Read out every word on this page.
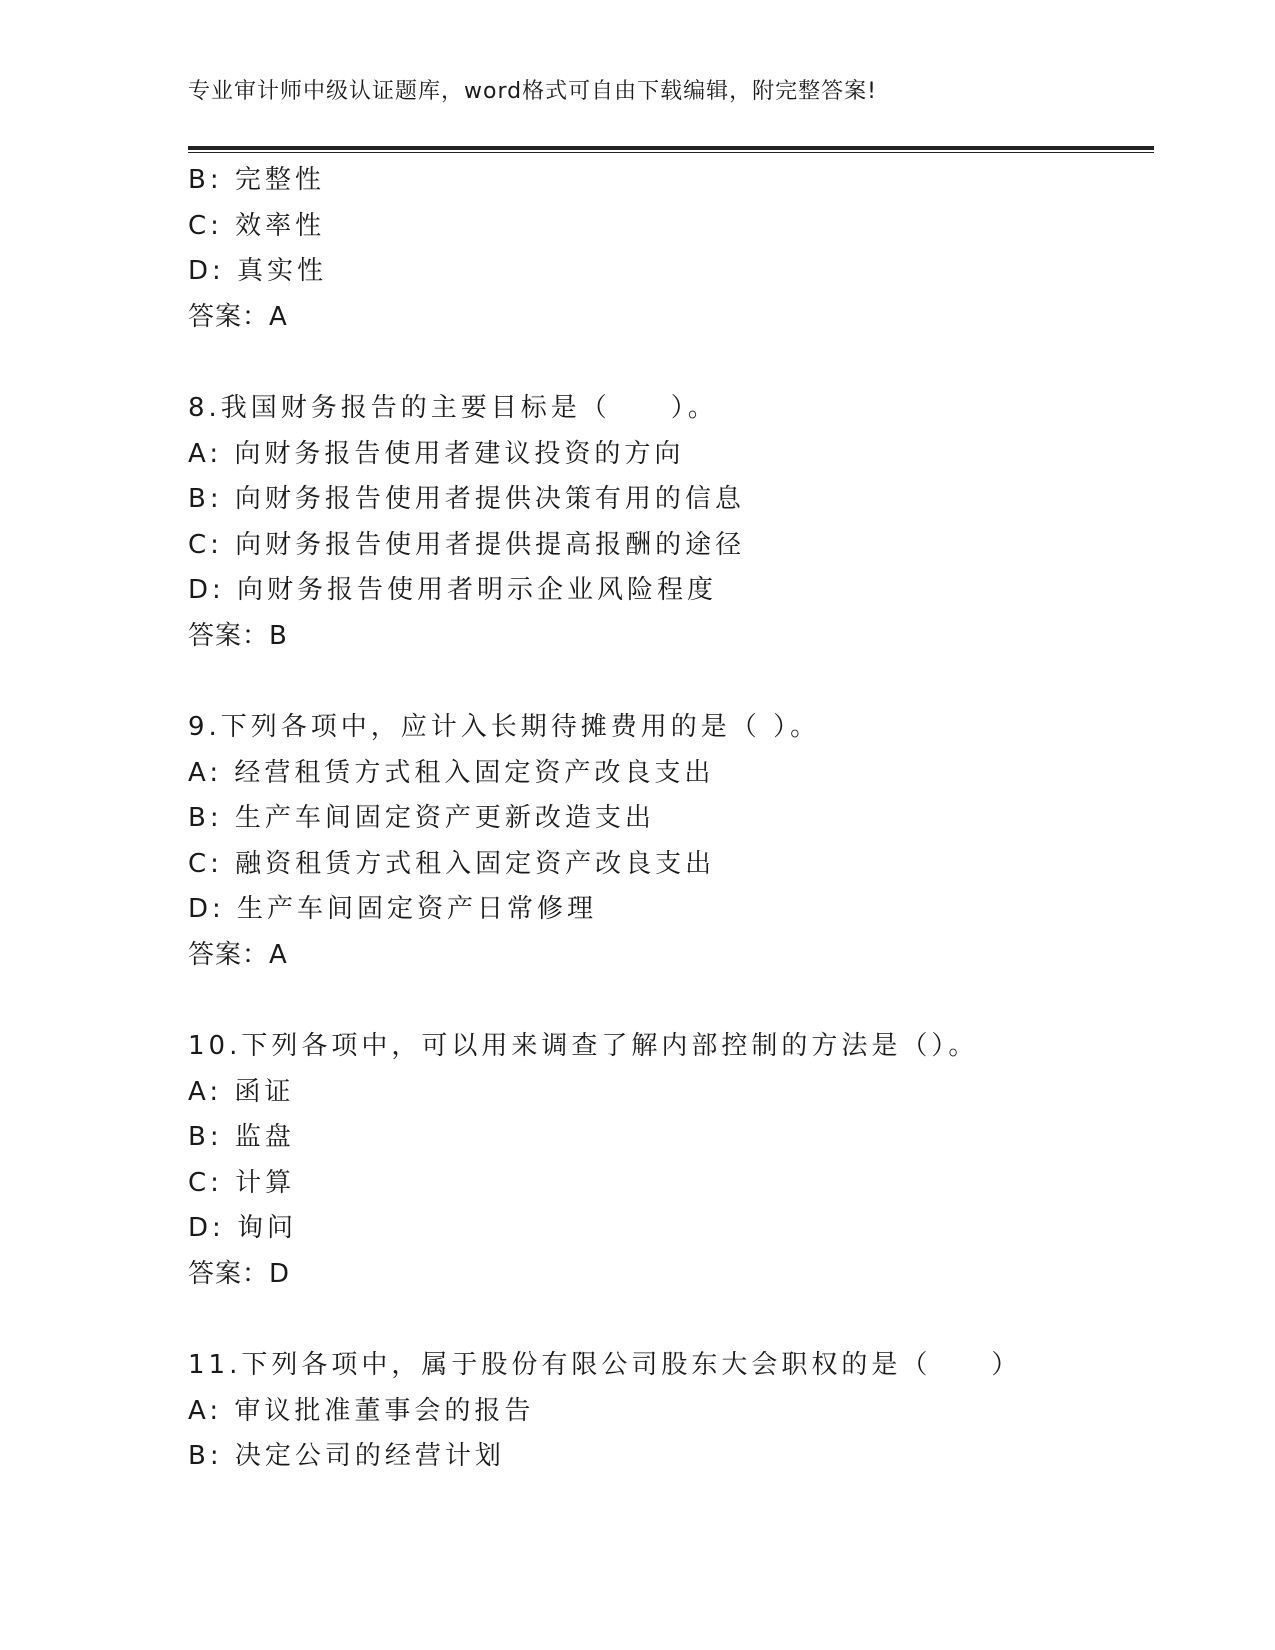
专业审计师中级认证题库，word格式可自由下载编辑，附完整答案!
B: 完整性
C: 效率性
D: 真实性
答案：A
8.我国财务报告的主要目标是（　　）。
A: 向财务报告使用者建议投资的方向
B: 向财务报告使用者提供决策有用的信息
C: 向财务报告使用者提供提高报酬的途径
D: 向财务报告使用者明示企业风险程度
答案：B
9.下列各项中，应计入长期待摊费用的是（ ）。
A: 经营租赁方式租入固定资产改良支出
B: 生产车间固定资产更新改造支出
C: 融资租赁方式租入固定资产改良支出
D: 生产车间固定资产日常修理
答案：A
10.下列各项中，可以用来调查了解内部控制的方法是（）。
A: 函证
B: 监盘
C: 计算
D: 询问
答案：D
11.下列各项中，属于股份有限公司股东大会职权的是（　　）
A: 审议批准董事会的报告
B: 决定公司的经营计划
